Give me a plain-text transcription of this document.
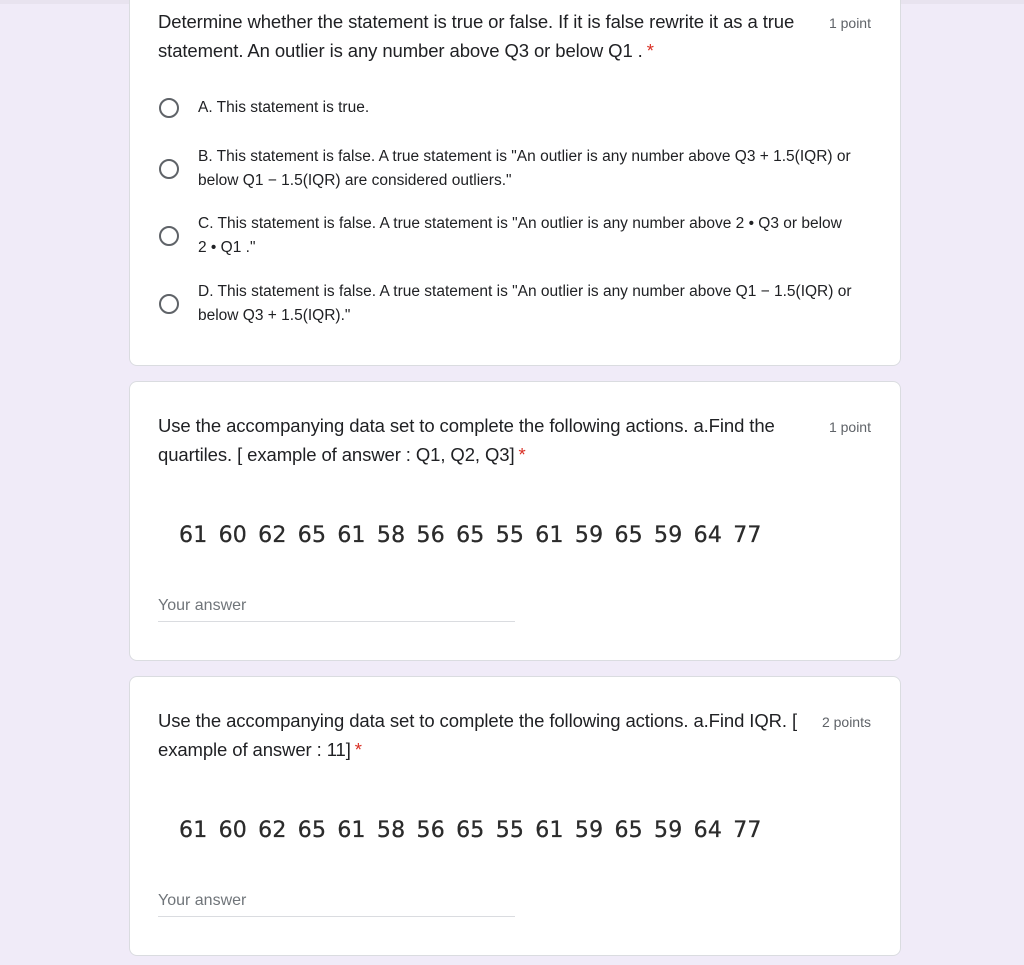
Determine whether the statement is true or false. If it is false rewrite it as a true statement. An outlier is any number above Q3 or below Q1 . *
1 point
A. This statement is true.
B. This statement is false. A true statement is "An outlier is any number above Q3 + 1.5(IQR) or below Q1 − 1.5(IQR) are considered outliers."
C. This statement is false. A true statement is "An outlier is any number above 2 • Q3 or below 2 • Q1 ."
D. This statement is false. A true statement is "An outlier is any number above Q1 − 1.5(IQR) or below Q3 + 1.5(IQR)."
Use the accompanying data set to complete the following actions. a.Find the quartiles. [ example of answer : Q1, Q2, Q3] *
1 point
61 60 62 65 61 58 56 65 55 61 59 65 59 64 77
Your answer
Use the accompanying data set to complete the following actions. a.Find IQR. [ example of answer : 11] *
2 points
61 60 62 65 61 58 56 65 55 61 59 65 59 64 77
Your answer
